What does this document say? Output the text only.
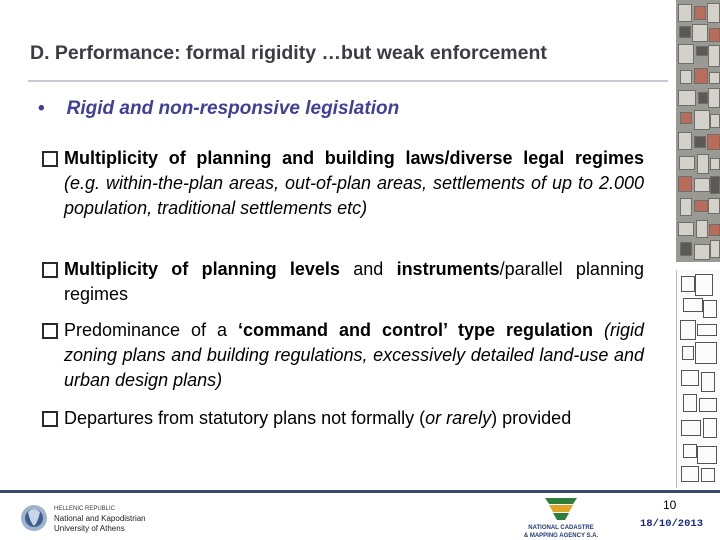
D. Performance: formal rigidity …but weak enforcement
• Rigid and non-responsive legislation
Multiplicity of planning and building laws/diverse legal regimes (e.g. within-the-plan areas, out-of-plan areas, settlements of up to 2.000 population, traditional settlements etc)
Multiplicity of planning levels and instruments/parallel planning regimes
Predominance of a ‘command and control’ type regulation (rigid zoning plans and building regulations, excessively detailed land-use and urban design plans)
Departures from statutory plans not formally (or rarely) provided
HELLENIC REPUBLIC
National and Kapodistrian
University of Athens	NATIONAL CADASTRE
& MAPPING AGENCY S.A.
10
18/10/2013
